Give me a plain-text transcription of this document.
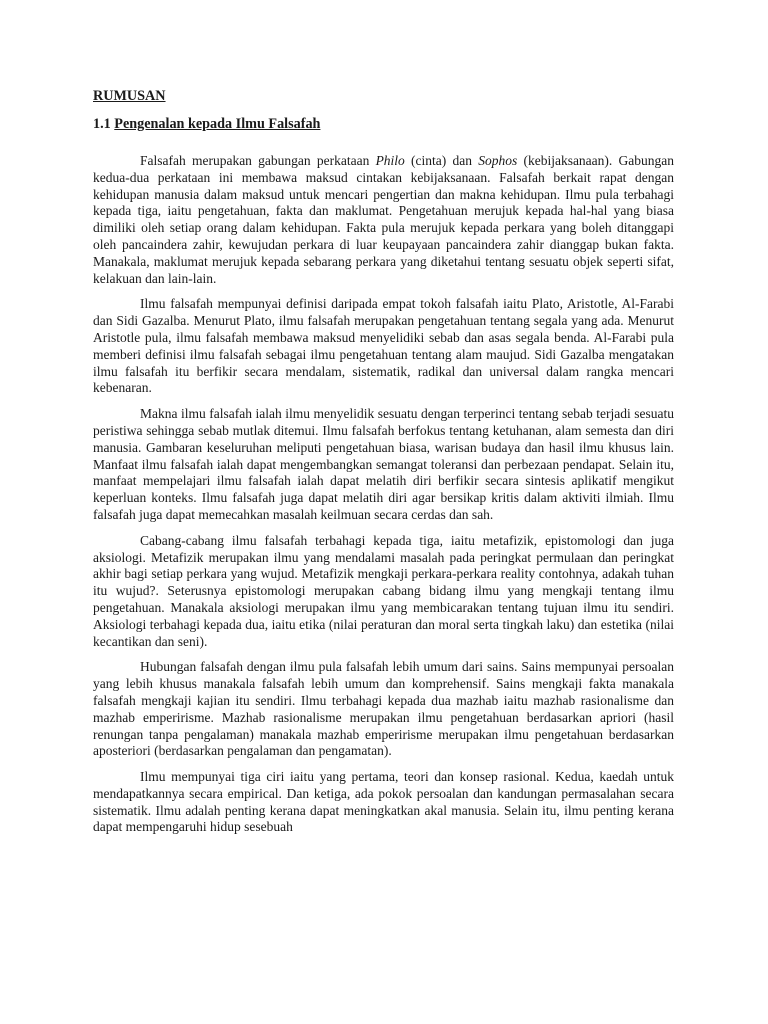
RUMUSAN

1.1 Pengenalan kepada Ilmu Falsafah

Falsafah merupakan gabungan perkataan Philo (cinta) dan Sophos (kebijaksanaan). Gabungan kedua-dua perkataan ini membawa maksud cintakan kebijaksanaan. Falsafah berkait rapat dengan kehidupan manusia dalam maksud untuk mencari pengertian dan makna kehidupan. Ilmu pula terbahagi kepada tiga, iaitu pengetahuan, fakta dan maklumat. Pengetahuan merujuk kepada hal-hal yang biasa dimiliki oleh setiap orang dalam kehidupan. Fakta pula merujuk kepada perkara yang boleh ditanggapi oleh pancaindera zahir, kewujudan perkara di luar keupayaan pancaindera zahir dianggap bukan fakta. Manakala, maklumat merujuk kepada sebarang perkara yang diketahui tentang sesuatu objek seperti sifat, kelakuan dan lain-lain.

Ilmu falsafah mempunyai definisi daripada empat tokoh falsafah iaitu Plato, Aristotle, Al-Farabi dan Sidi Gazalba. Menurut Plato, ilmu falsafah merupakan pengetahuan tentang segala yang ada. Menurut Aristotle pula, ilmu falsafah membawa maksud menyelidiki sebab dan asas segala benda. Al-Farabi pula memberi definisi ilmu falsafah sebagai ilmu pengetahuan tentang alam maujud. Sidi Gazalba mengatakan ilmu falsafah itu berfikir secara mendalam, sistematik, radikal dan universal dalam rangka mencari kebenaran.

Makna ilmu falsafah ialah ilmu menyelidik sesuatu dengan terperinci tentang sebab terjadi sesuatu peristiwa sehingga sebab mutlak ditemui. Ilmu falsafah berfokus tentang ketuhanan, alam semesta dan diri manusia. Gambaran keseluruhan meliputi pengetahuan biasa, warisan budaya dan hasil ilmu khusus lain. Manfaat ilmu falsafah ialah dapat mengembangkan semangat toleransi dan perbezaan pendapat. Selain itu, manfaat mempelajari ilmu falsafah ialah dapat melatih diri berfikir secara sintesis aplikatif mengikut keperluan konteks. Ilmu falsafah juga dapat melatih diri agar bersikap kritis dalam aktiviti ilmiah. Ilmu falsafah juga dapat memecahkan masalah keilmuan secara cerdas dan sah.

Cabang-cabang ilmu falsafah terbahagi kepada tiga, iaitu metafizik, epistomologi dan juga aksiologi. Metafizik merupakan ilmu yang mendalami masalah pada peringkat permulaan dan peringkat akhir bagi setiap perkara yang wujud. Metafizik mengkaji perkara-perkara reality contohnya, adakah tuhan itu wujud?. Seterusnya epistomologi merupakan cabang bidang ilmu yang mengkaji tentang ilmu pengetahuan. Manakala aksiologi merupakan ilmu yang membicarakan tentang tujuan ilmu itu sendiri. Aksiologi terbahagi kepada dua, iaitu etika (nilai peraturan dan moral serta tingkah laku) dan estetika (nilai kecantikan dan seni).

Hubungan falsafah dengan ilmu pula falsafah lebih umum dari sains. Sains mempunyai persoalan yang lebih khusus manakala falsafah lebih umum dan komprehensif. Sains mengkaji fakta manakala falsafah mengkaji kajian itu sendiri. Ilmu terbahagi kepada dua mazhab iaitu mazhab rasionalisme dan mazhab emperirisme. Mazhab rasionalisme merupakan ilmu pengetahuan berdasarkan apriori (hasil renungan tanpa pengalaman) manakala mazhab emperirisme merupakan ilmu pengetahuan berdasarkan aposteriori (berdasarkan pengalaman dan pengamatan).

Ilmu mempunyai tiga ciri iaitu yang pertama, teori dan konsep rasional. Kedua, kaedah untuk mendapatkannya secara empirical. Dan ketiga, ada pokok persoalan dan kandungan permasalahan secara sistematik. Ilmu adalah penting kerana dapat meningkatkan akal manusia. Selain itu, ilmu penting kerana dapat mempengaruhi hidup sesebuah
